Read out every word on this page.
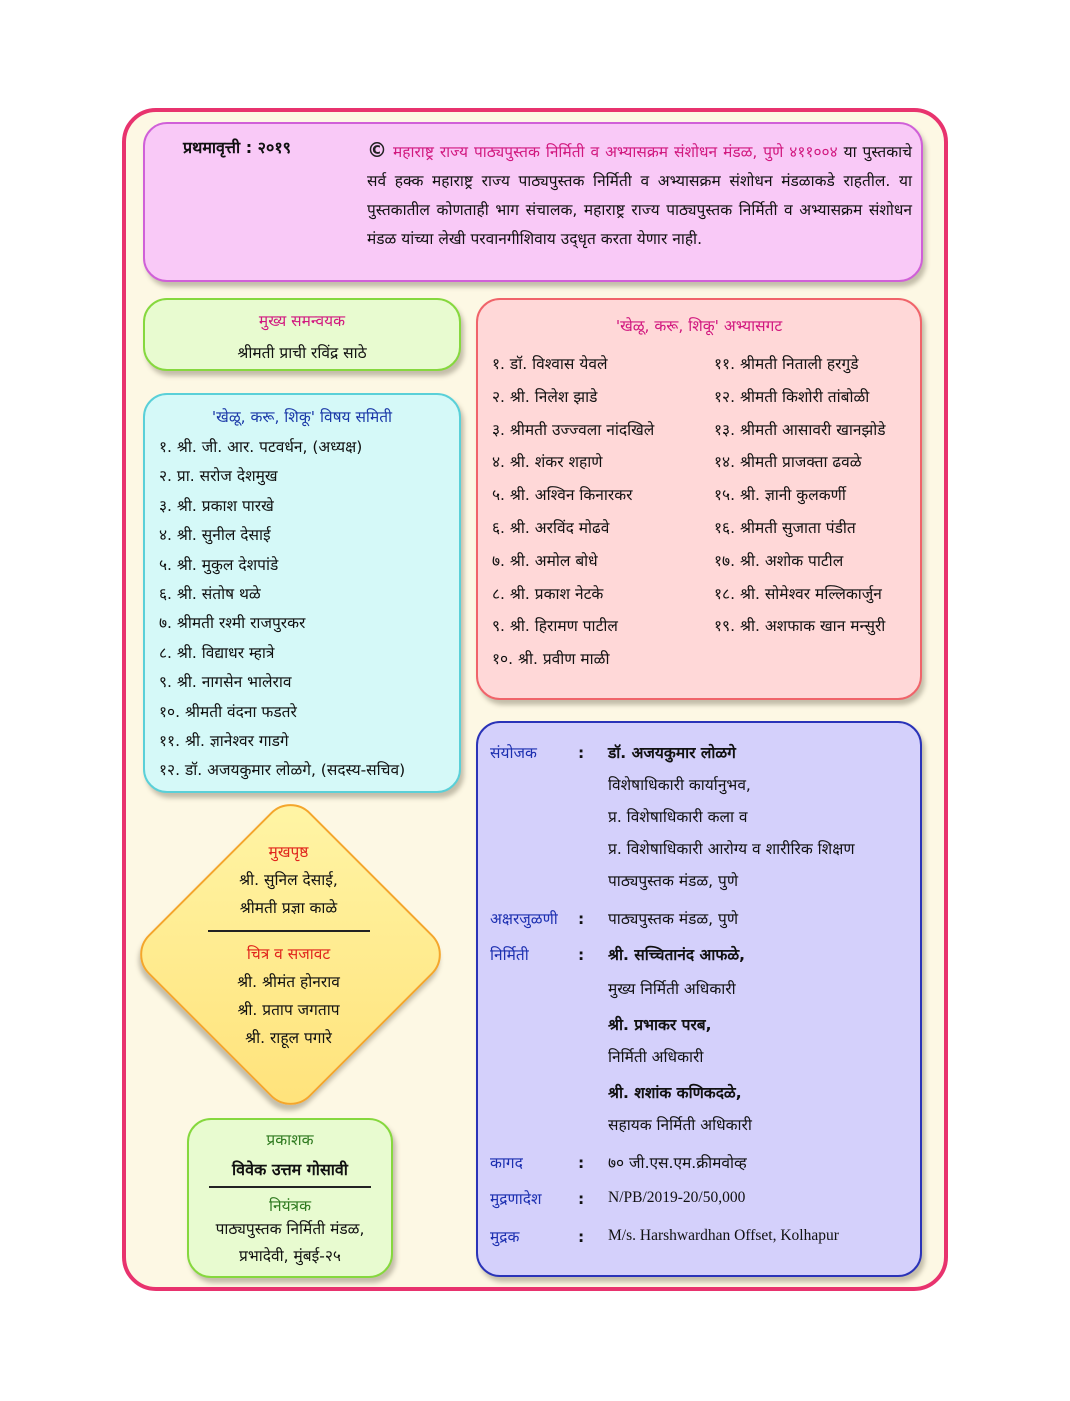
प्रथमावृत्ती : २०१९	© महाराष्ट्र राज्य पाठ्यपुस्तक निर्मिती व अभ्यासक्रम संशोधन मंडळ, पुणे ४११००४ या पुस्तकाचे सर्व हक्क महाराष्ट्र राज्य पाठ्यपुस्तक निर्मिती व अभ्यासक्रम संशोधन मंडळाकडे राहतील. या पुस्तकातील कोणताही भाग संचालक, महाराष्ट्र राज्य पाठ्यपुस्तक निर्मिती व अभ्यासक्रम संशोधन मंडळ यांच्या लेखी परवानगीशिवाय उद्‌धृत करता येणार नाही.
मुख्य समन्वयक
श्रीमती प्राची रविंद्र साठे
'खेळू, करू, शिकू' विषय समिती
१. श्री. जी. आर. पटवर्धन, (अध्यक्ष)
२. प्रा. सरोज देशमुख
३. श्री. प्रकाश पारखे
४. श्री. सुनील देसाई
५. श्री. मुकुल देशपांडे
६. श्री. संतोष थळे
७. श्रीमती रश्मी राजपुरकर
८. श्री. विद्याधर म्हात्रे
९. श्री. नागसेन भालेराव
१०. श्रीमती वंदना फडतरे
११. श्री. ज्ञानेश्वर गाडगे
१२. डॉ. अजयकुमार लोळगे, (सदस्य-सचिव)
मुखपृष्ठ
श्री. सुनिल देसाई,
श्रीमती प्रज्ञा काळे
चित्र व सजावट
श्री. श्रीमंत होनराव
श्री. प्रताप जगताप
श्री. राहूल पगारे
प्रकाशक
विवेक उत्तम गोसावी
नियंत्रक
पाठ्यपुस्तक निर्मिती मंडळ,
प्रभादेवी, मुंबई-२५
'खेळू, करू, शिकू' अभ्यासगट
१. डॉ. विश्वास येवले
२. श्री. निलेश झाडे
३. श्रीमती उज्ज्वला नांदखिले
४. श्री. शंकर शहाणे
५. श्री. अश्विन किनारकर
६. श्री. अरविंद मोढवे
७. श्री. अमोल बोधे
८. श्री. प्रकाश नेटके
९. श्री. हिरामण पाटील
१०. श्री. प्रवीण माळी
११. श्रीमती निताली हरगुडे
१२. श्रीमती किशोरी तांबोळी
१३. श्रीमती आसावरी खानझोडे
१४. श्रीमती प्राजक्ता ढवळे
१५. श्री. ज्ञानी कुलकर्णी
१६. श्रीमती सुजाता पंडीत
१७. श्री. अशोक पाटील
१८. श्री. सोमेश्वर मल्लिकार्जुन
१९. श्री. अशफाक खान मन्सुरी
संयोजक	:	डॉ. अजयकुमार लोळगे
विशेषाधिकारी कार्यानुभव,
प्र. विशेषाधिकारी कला व
प्र. विशेषाधिकारी आरोग्य व शारीरिक शिक्षण
पाठ्यपुस्तक मंडळ, पुणे
अक्षरजुळणी :	पाठ्यपुस्तक मंडळ, पुणे
निर्मिती	:	श्री. सच्चितानंद आफळे,
मुख्य निर्मिती अधिकारी
श्री. प्रभाकर परब,
निर्मिती अधिकारी
श्री. शशांक कणिकदळे,
सहायक निर्मिती अधिकारी
कागद	:	७० जी.एस.एम.क्रीमवोव्ह
मुद्रणादेश :	N/PB/2019-20/50,000
मुद्रक	:	M/s. Harshwardhan Offset, Kolhapur
